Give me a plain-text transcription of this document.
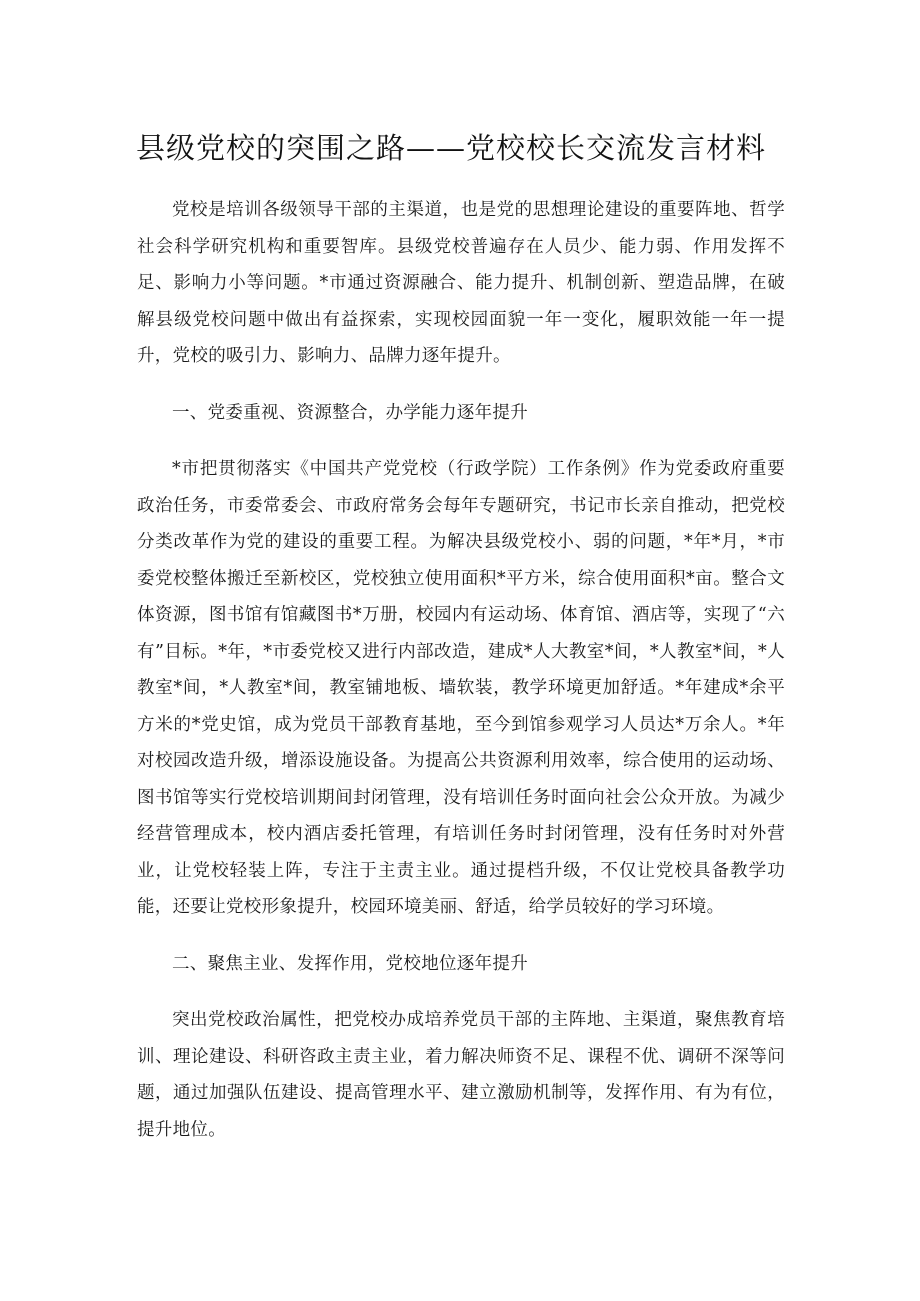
县级党校的突围之路——党校校长交流发言材料

党校是培训各级领导干部的主渠道，也是党的思想理论建设的重要阵地、哲学社会科学研究机构和重要智库。县级党校普遍存在人员少、能力弱、作用发挥不足、影响力小等问题。*市通过资源融合、能力提升、机制创新、塑造品牌，在破解县级党校问题中做出有益探索，实现校园面貌一年一变化，履职效能一年一提升，党校的吸引力、影响力、品牌力逐年提升。

一、党委重视、资源整合，办学能力逐年提升

*市把贯彻落实《中国共产党党校（行政学院）工作条例》作为党委政府重要政治任务，市委常委会、市政府常务会每年专题研究，书记市长亲自推动，把党校分类改革作为党的建设的重要工程。为解决县级党校小、弱的问题，*年*月，*市委党校整体搬迁至新校区，党校独立使用面积*平方米，综合使用面积*亩。整合文体资源，图书馆有馆藏图书*万册，校园内有运动场、体育馆、酒店等，实现了“六有”目标。*年，*市委党校又进行内部改造，建成*人大教室*间，*人教室*间，*人教室*间，*人教室*间，教室铺地板、墙软装，教学环境更加舒适。*年建成*余平方米的*党史馆，成为党员干部教育基地，至今到馆参观学习人员达*万余人。*年对校园改造升级，增添设施设备。为提高公共资源利用效率，综合使用的运动场、图书馆等实行党校培训期间封闭管理，没有培训任务时面向社会公众开放。为减少经营管理成本，校内酒店委托管理，有培训任务时封闭管理，没有任务时对外营业，让党校轻装上阵，专注于主责主业。通过提档升级，不仅让党校具备教学功能，还要让党校形象提升，校园环境美丽、舒适，给学员较好的学习环境。

二、聚焦主业、发挥作用，党校地位逐年提升

突出党校政治属性，把党校办成培养党员干部的主阵地、主渠道，聚焦教育培训、理论建设、科研咨政主责主业，着力解决师资不足、课程不优、调研不深等问题，通过加强队伍建设、提高管理水平、建立激励机制等，发挥作用、有为有位，提升地位。
